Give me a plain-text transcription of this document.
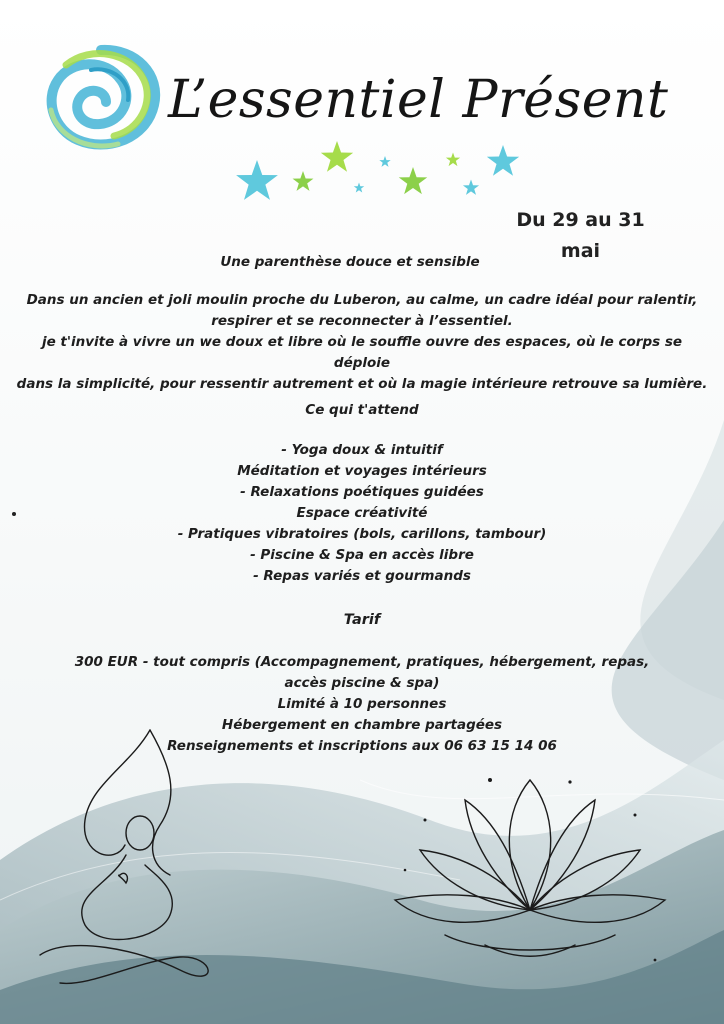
L’essentiel Présent
Du 29 au 31 mai

Une parenthèse douce et sensible

Dans un ancien et joli moulin proche du Luberon, au calme, un cadre idéal pour ralentir,

respirer et se reconnecter à l’essentiel.

je t'invite à vivre un we doux et libre où le souffle ouvre des espaces, où le corps se déploie

dans la simplicité, pour ressentir autrement et où la magie intérieure retrouve sa lumière.

Ce qui t'attend

- Yoga doux & intuitif

Méditation et voyages intérieurs

- Relaxations poétiques guidées

Espace créativité

- Pratiques vibratoires (bols, carillons, tambour)

- Piscine & Spa en accès libre

- Repas variés et gourmands

Tarif

300 EUR - tout compris (Accompagnement, pratiques, hébergement, repas,

accès piscine & spa)

Limité à 10 personnes

Hébergement en chambre partagées

Renseignements et inscriptions aux 06 63 15 14 06
